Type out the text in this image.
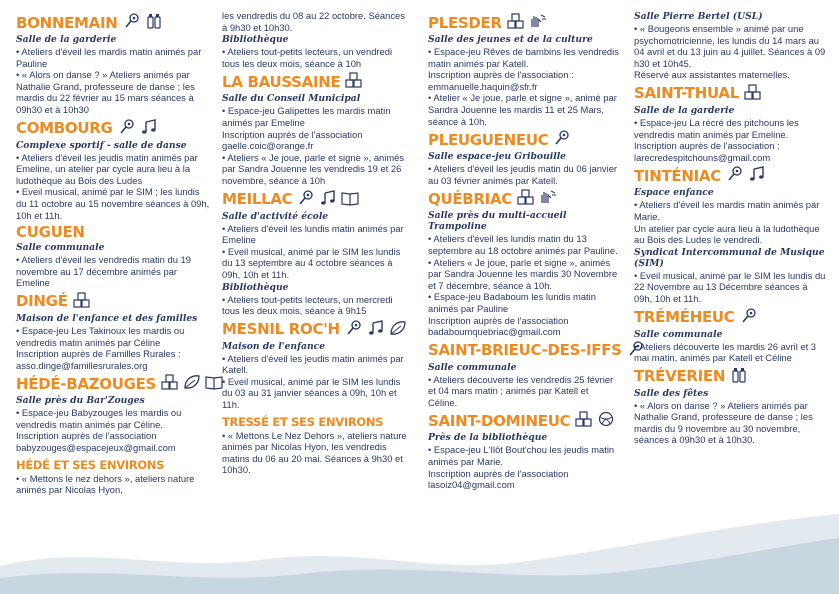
BONNEMAIN
Salle de la garderie
• Ateliers d'éveil les mardis matin animés par Pauline
• « Alors on danse ? » Ateliers animés par Nathalie Grand, professeure de danse ; les mardis du 22 février au 15 mars séances à 09h30 et à 10h30
COMBOURG
Complexe sportif - salle de danse
• Ateliers d'éveil les jeudis matin animés par Emeline, un atelier par cycle aura lieu à la ludothèque au Bois des Ludes
• Eveil musical, animé par le SIM ; les lundis du 11 octobre au 15 novembre séances à 09h, 10h et 11h.
CUGUEN
Salle communale
• Ateliers d'éveil les vendredis matin du 19 novembre au 17 décembre animés par Emeline
DINGÉ
Maison de l'enfance et des familles
• Espace-jeu Les Takinoux les mardis ou vendredis matin animés par Céline
Inscription auprès de Familles Rurales :
asso.dinge@famillesrurales.org
HÉDÉ-BAZOUGES
Salle près du Bar'Zouges
• Espace-jeu Babyzouges les mardis ou vendredis matin animés par Céline.
Inscription auprès de l'association babyzouges@espacejeux@gmail.com
HÉDÉ ET SES ENVIRONS
• « Mettons le nez dehors », ateliers nature animés par Nicolas Hyon,
les vendredis du 08 au 22 octobre. Séances à 9h30 et 10h30.
Bibliothèque
• Ateliers tout-petits lecteurs, un vendredi tous les deux mois, séance à 10h
LA BAUSSAINE
Salle du Conseil Municipal
• Espace-jeu Galipettes les mardis matin animés par Emeline
Inscription auprès de l'association gaelle.coic@orange.fr
• Ateliers « Je joue, parle et signe », animés par Sandra Jouenne les vendredis 19 et 26 novembre, séance à 10h
MEILLAC
Salle d'activité école
• Ateliers d'éveil les lundis matin animés par Emeline
• Eveil musical, animé par le SIM les lundis du 13 septembre au 4 octobre séances à 09h, 10h et 11h.
Bibliothèque
• Ateliers tout-petits lecteurs, un mercredi tous les deux mois, séance à 9h15
MESNIL ROC'H
Maison de l'enfance
• Ateliers d'éveil les jeudis matin animés par Katell.
• Eveil musical, animé par le SIM les lundis du 03 au 31 janvier séances à 09h, 10h et 11h.
TRESSÉ ET SES ENVIRONS
• « Mettons Le Nez Dehors », ateliers nature animés par Nicolas Hyon, les vendredis matins du 06 au 20 mai. Séances à 9h30 et 10h30.
PLESDER
Salle des jeunes et de la culture
• Espace-jeu Rêves de bambins les vendredis matin animés par Katell.
Inscription auprès de l'association : emmanuelle.haquin@sfr.fr
• Atelier « Je joue, parle et signe », animé par Sandra Jouenne les mardis 11 et 25 Mars, séance à 10h.
PLEUGUENEUC
Salle espace-jeu Gribouille
• Ateliers d'éveil les jeudis matin du 06 janvier au 03 février animés par Katell.
QUÉBRIAC
Salle près du multi-accueil Trampoline
• Ateliers d'éveil les lundis matin du 13 septembre au 18 octobre animés par Pauline.
• Ateliers « Je joue, parle et signe », animés par Sandra Jouenne les mardis 30 Novembre et 7 décembre, séance à 10h.
• Espace-jeu Badaboum les lundis matin animés par Pauline
Inscription auprès de l'association badaboumquebriac@gmail.com
SAINT-BRIEUC-DES-IFFS
Salle communale
• Ateliers découverte les vendredis 25 février et 04 mars matin ; animés par Katell et Céline.
SAINT-DOMINEUC
Près de la bibliothèque
• Espace-jeu L'Ilôt Bout'chou les jeudis matin animés par Marie.
Inscription auprès de l'association lasoiz04@gmail.com
Salle Pierre Bertel (USL)
• « Bougeons ensemble » animé par une psychomotricienne, les lundis du 14 mars au 04 avril et du 13 juin au 4 juillet. Séances à 09 h30 et 10h45.
Réservé aux assistantes maternelles.
SAINT-THUAL
Salle de la garderie
• Espace-jeu La récré des pitchouns les vendredis matin animés par Emeline.
Inscription auprès de l'association : larecredespitchouns@gmail.com
TINTÉNIAC
Espace enfance
• Ateliers d'éveil les mardis matin animés par Marie.
Un atelier par cycle aura lieu à la ludothèque au Bois des Ludes le vendredi.
Syndicat Intercommunal de Musique (SIM)
• Eveil musical, animé par le SIM les lundis du 22 Novembre au 13 Décembre séances à 09h, 10h et 11h.
TRÉMÉHEUC
Salle communale
• Ateliers découverte les mardis 26 avril et 3 mai matin, animés par Katell et Céline
TRÉVERIEN
Salle des fêtes
• « Alors on danse ? » Ateliers animés par Nathalie Grand, professeure de danse ; les mardis du 9 novembre au 30 novembre, séances à 09h30 et à 10h30.
